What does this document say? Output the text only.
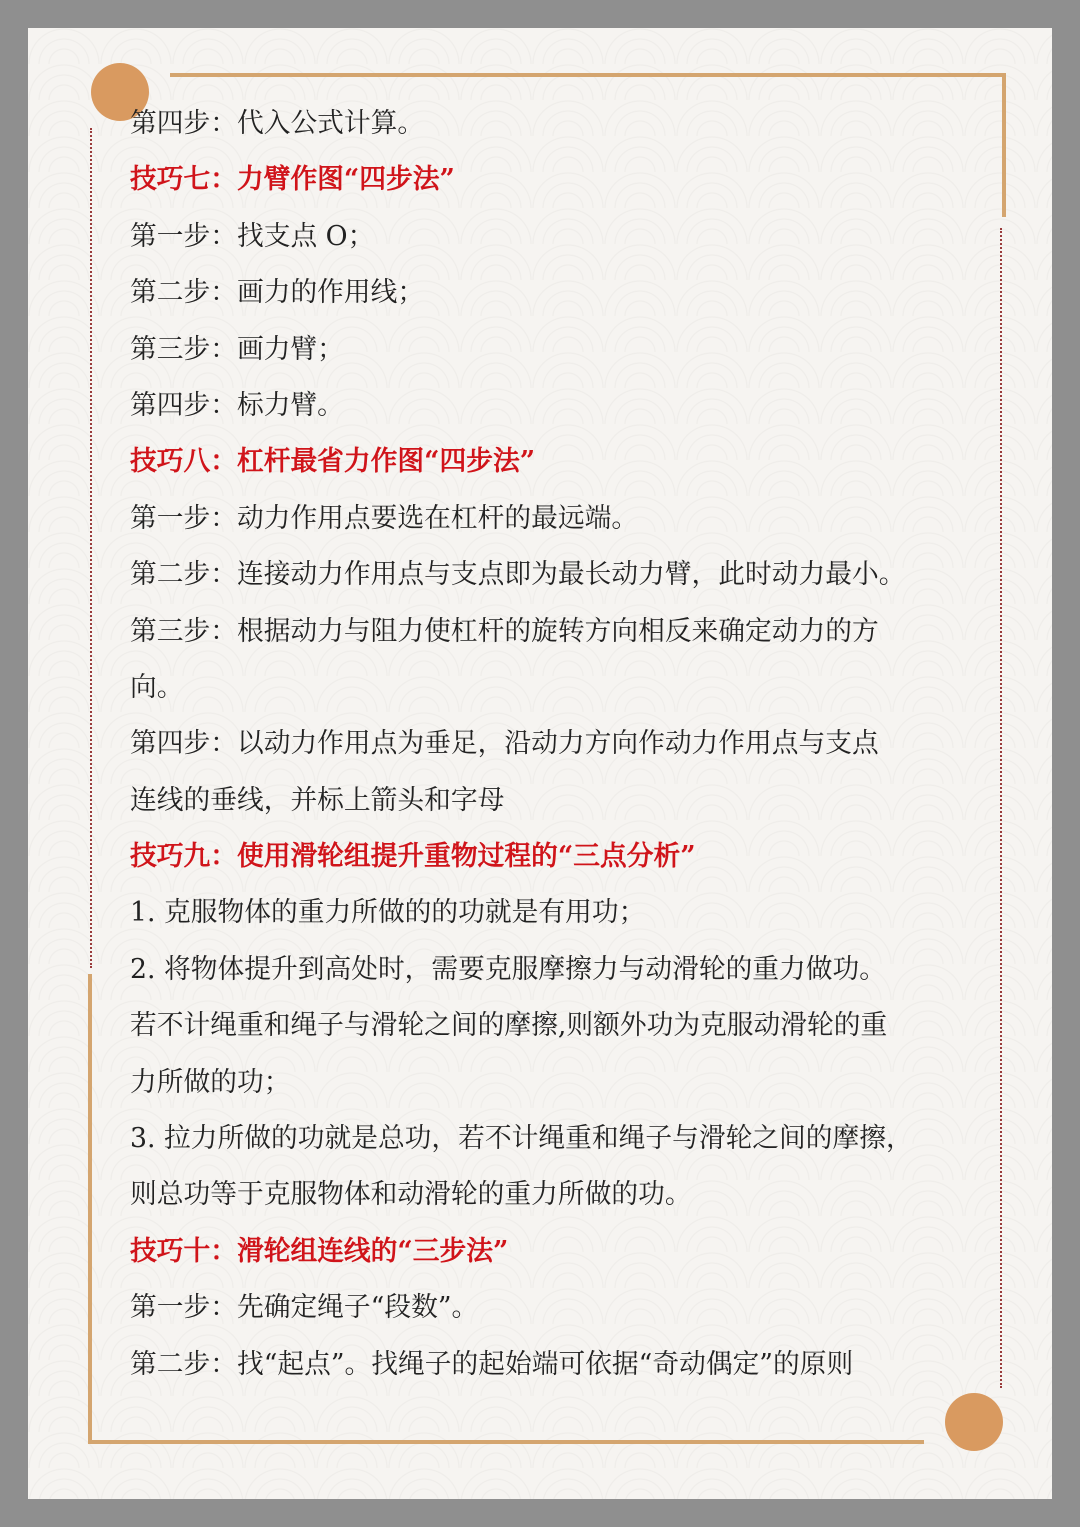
第四步：代入公式计算。
技巧七：力臂作图“四步法”
第一步：找支点 O；
第二步：画力的作用线；
第三步：画力臂；
第四步：标力臂。
技巧八：杠杆最省力作图“四步法”
第一步：动力作用点要选在杠杆的最远端。
第二步：连接动力作用点与支点即为最长动力臂，此时动力最小。
第三步：根据动力与阻力使杠杆的旋转方向相反来确定动力的方
向。
第四步：以动力作用点为垂足，沿动力方向作动力作用点与支点
连线的垂线，并标上箭头和字母
技巧九：使用滑轮组提升重物过程的“三点分析”
1. 克服物体的重力所做的的功就是有用功；
2. 将物体提升到高处时，需要克服摩擦力与动滑轮的重力做功。
若不计绳重和绳子与滑轮之间的摩擦,则额外功为克服动滑轮的重
力所做的功；
3. 拉力所做的功就是总功，若不计绳重和绳子与滑轮之间的摩擦，
则总功等于克服物体和动滑轮的重力所做的功。
技巧十：滑轮组连线的“三步法”
第一步：先确定绳子“段数”。
第二步：找“起点”。找绳子的起始端可依据“奇动偶定”的原则
